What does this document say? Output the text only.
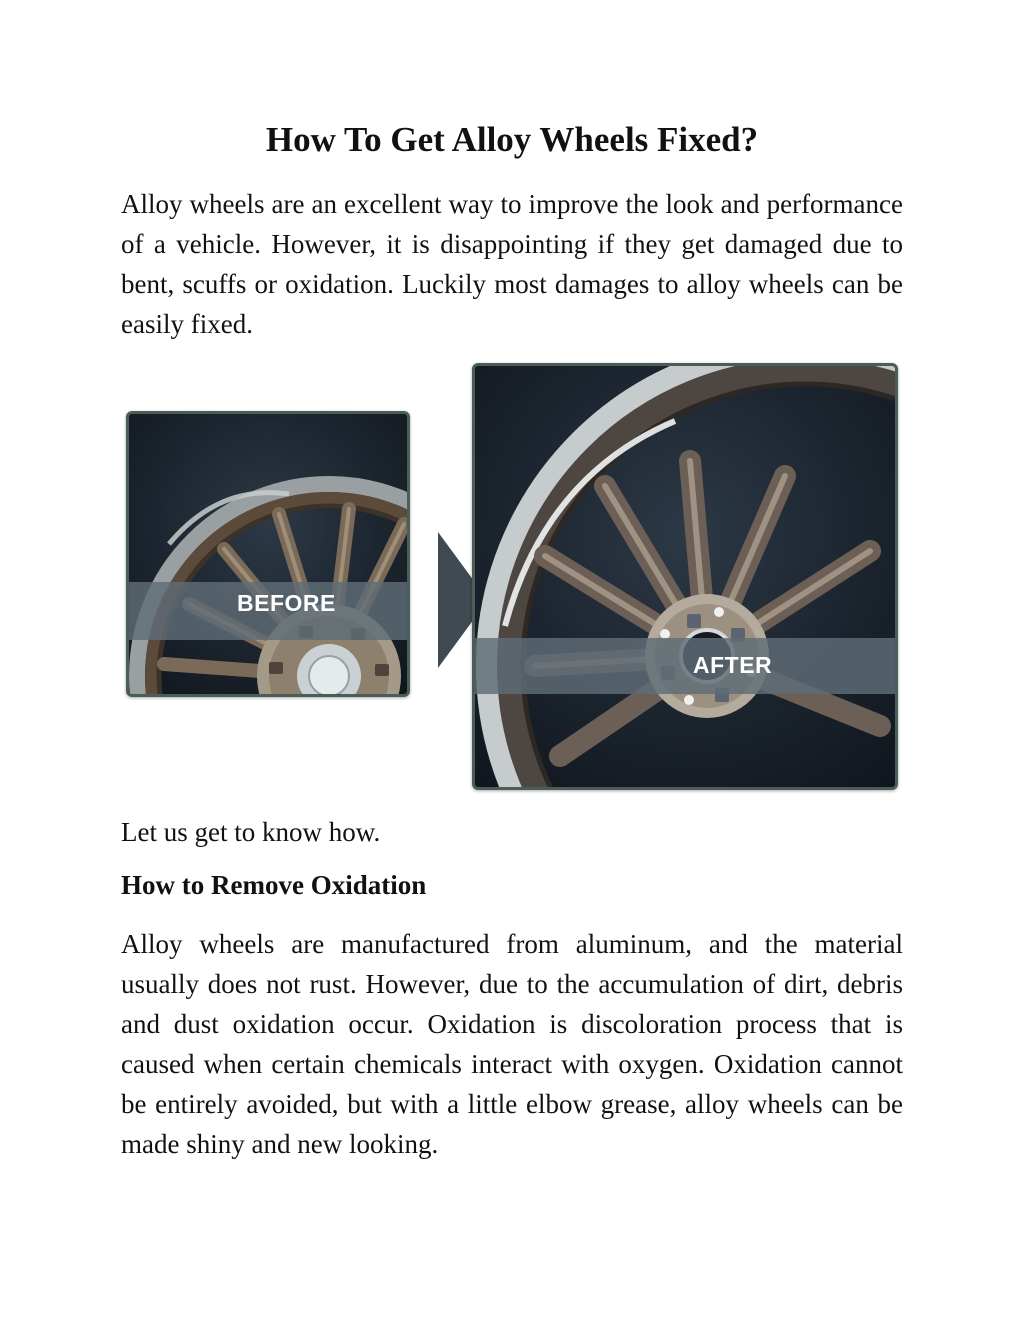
How To Get Alloy Wheels Fixed?

Alloy wheels are an excellent way to improve the look and performance of a vehicle. However, it is disappointing if they get damaged due to bent, scuffs or oxidation. Luckily most damages to alloy wheels can be easily fixed.

BEFORE
AFTER

Let us get to know how.

How to Remove Oxidation

Alloy wheels are manufactured from aluminum, and the material usually does not rust. However, due to the accumulation of dirt, debris and dust oxidation occur. Oxidation is discoloration process that is caused when certain chemicals interact with oxygen. Oxidation cannot be entirely avoided, but with a little elbow grease, alloy wheels can be made shiny and new looking.
